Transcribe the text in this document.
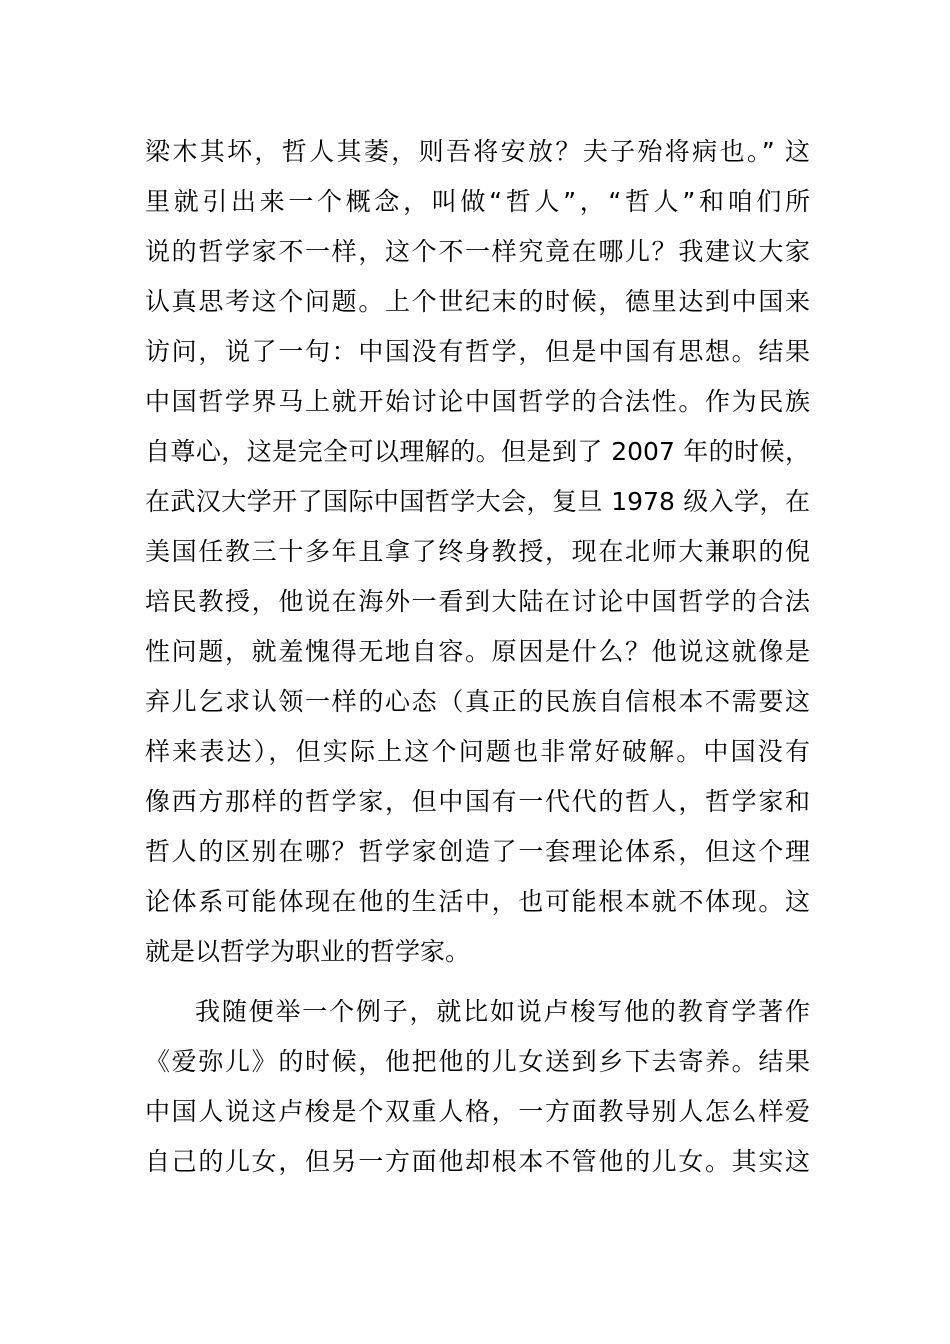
梁木其坏，哲人其萎，则吾将安放？夫子殆将病也。” 这
里就引出来一个概念，叫做“哲人”，“哲人”和咱们所
说的哲学家不一样，这个不一样究竟在哪儿？我建议大家
认真思考这个问题。上个世纪末的时候，德里达到中国来
访问，说了一句：中国没有哲学，但是中国有思想。结果
中国哲学界马上就开始讨论中国哲学的合法性。作为民族
自尊心，这是完全可以理解的。但是到了 2007 年的时候，
在武汉大学开了国际中国哲学大会，复旦 1978 级入学，在
美国任教三十多年且拿了终身教授，现在北师大兼职的倪
培民教授，他说在海外一看到大陆在讨论中国哲学的合法
性问题，就羞愧得无地自容。原因是什么？他说这就像是
弃儿乞求认领一样的心态（真正的民族自信根本不需要这
样来表达），但实际上这个问题也非常好破解。中国没有
像西方那样的哲学家，但中国有一代代的哲人，哲学家和
哲人的区别在哪？哲学家创造了一套理论体系，但这个理
论体系可能体现在他的生活中，也可能根本就不体现。这
就是以哲学为职业的哲学家。
我随便举一个例子，就比如说卢梭写他的教育学著作
《爱弥儿》的时候，他把他的儿女送到乡下去寄养。结果
中国人说这卢梭是个双重人格，一方面教导别人怎么样爱
自己的儿女，但另一方面他却根本不管他的儿女。其实这
